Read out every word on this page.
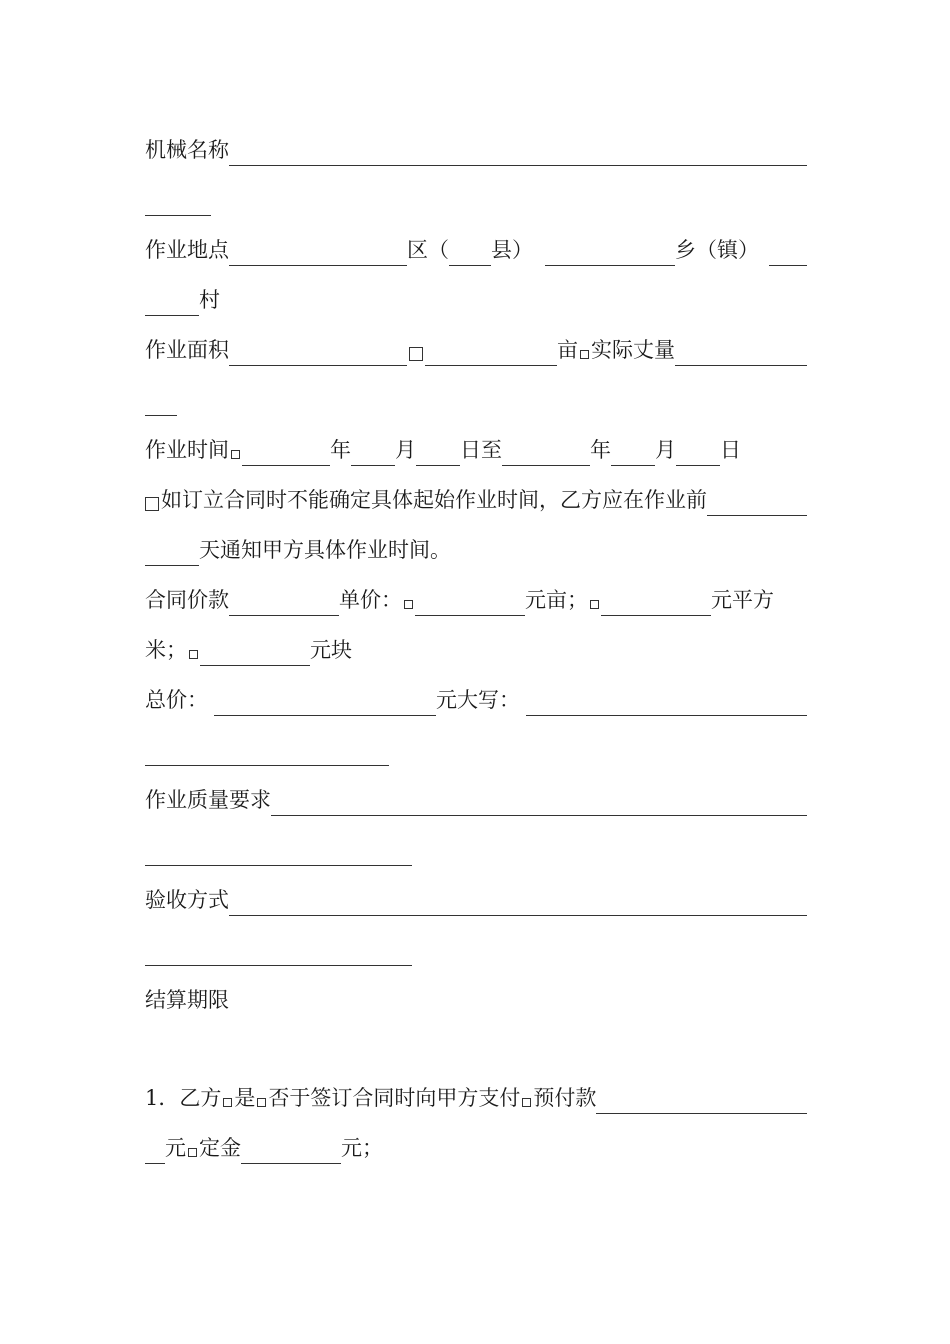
机械名称
作业地点	区（ 县）	乡（镇）
村
作业面积	亩 实际丈量
作业时间	年 月 日至	年 月 日
如订立合同时不能确定具体起始作业时间，乙方应在作业前
天通知甲方具体作业时间。
合同价款	单价：	元亩；	元平方
米；	元块
总价：	元大写：
作业质量要求
验收方式
结算期限
1． 乙方 是 否于签订合同时向甲方支付 预付款
元 定金	元；
